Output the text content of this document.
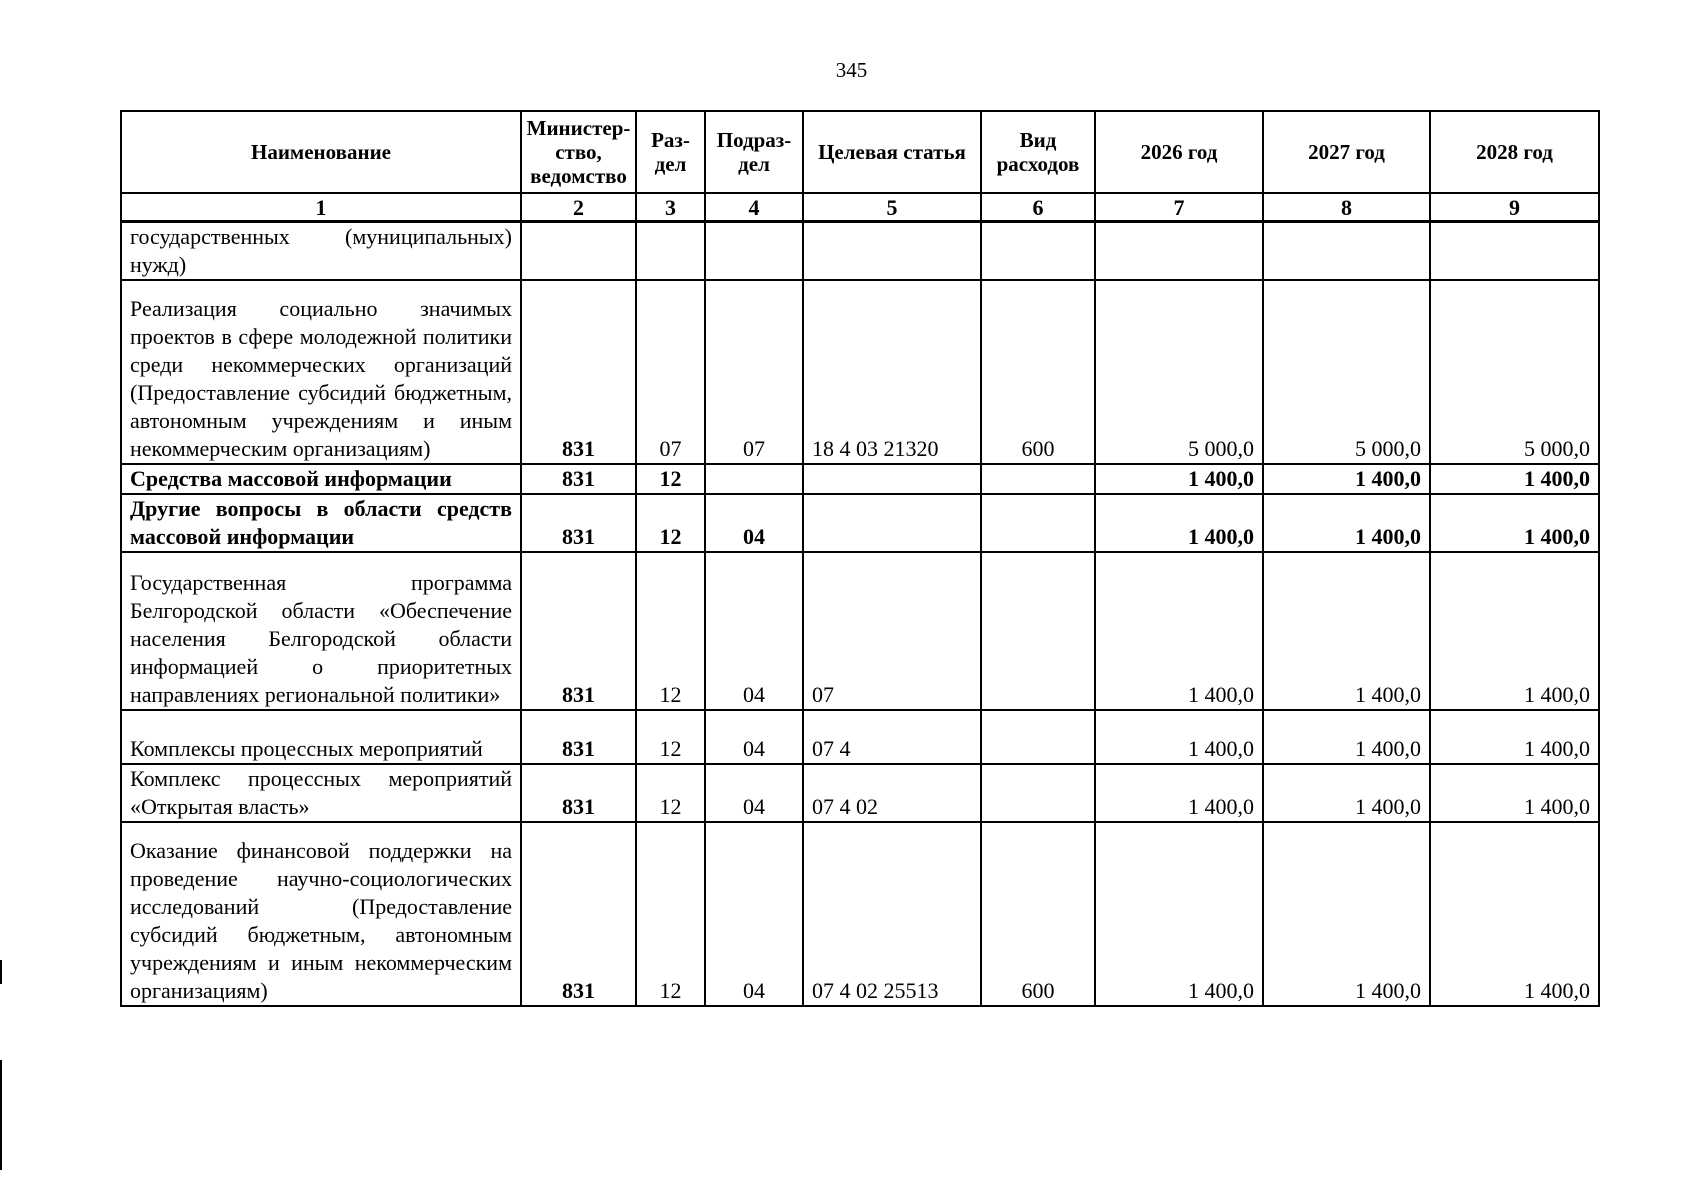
345
Наименование	Министер-ство, ведомство	Раз-дел	Подраз-дел	Целевая статья	Вид расходов	2026 год	2027 год	2028 год
1	2	3	4	5	6	7	8	9
государственных (муниципальных) нужд)								
Реализация социально значимых проектов в сфере молодежной политики среди некоммерческих организаций (Предоставление субсидий бюджетным, автономным учреждениям и иным некоммерческим организациям)	831	07	07	18 4 03 21320	600	5 000,0	5 000,0	5 000,0
Средства массовой информации	831	12				1 400,0	1 400,0	1 400,0
Другие вопросы в области средств массовой информации	831	12	04			1 400,0	1 400,0	1 400,0
Государственная программа Белгородской области «Обеспечение населения Белгородской области информацией о приоритетных направлениях региональной политики»	831	12	04	07		1 400,0	1 400,0	1 400,0
Комплексы процессных мероприятий	831	12	04	07 4		1 400,0	1 400,0	1 400,0
Комплекс процессных мероприятий «Открытая власть»	831	12	04	07 4 02		1 400,0	1 400,0	1 400,0
Оказание финансовой поддержки на проведение научно-социологических исследований (Предоставление субсидий бюджетным, автономным учреждениям и иным некоммерческим организациям)	831	12	04	07 4 02 25513	600	1 400,0	1 400,0	1 400,0
